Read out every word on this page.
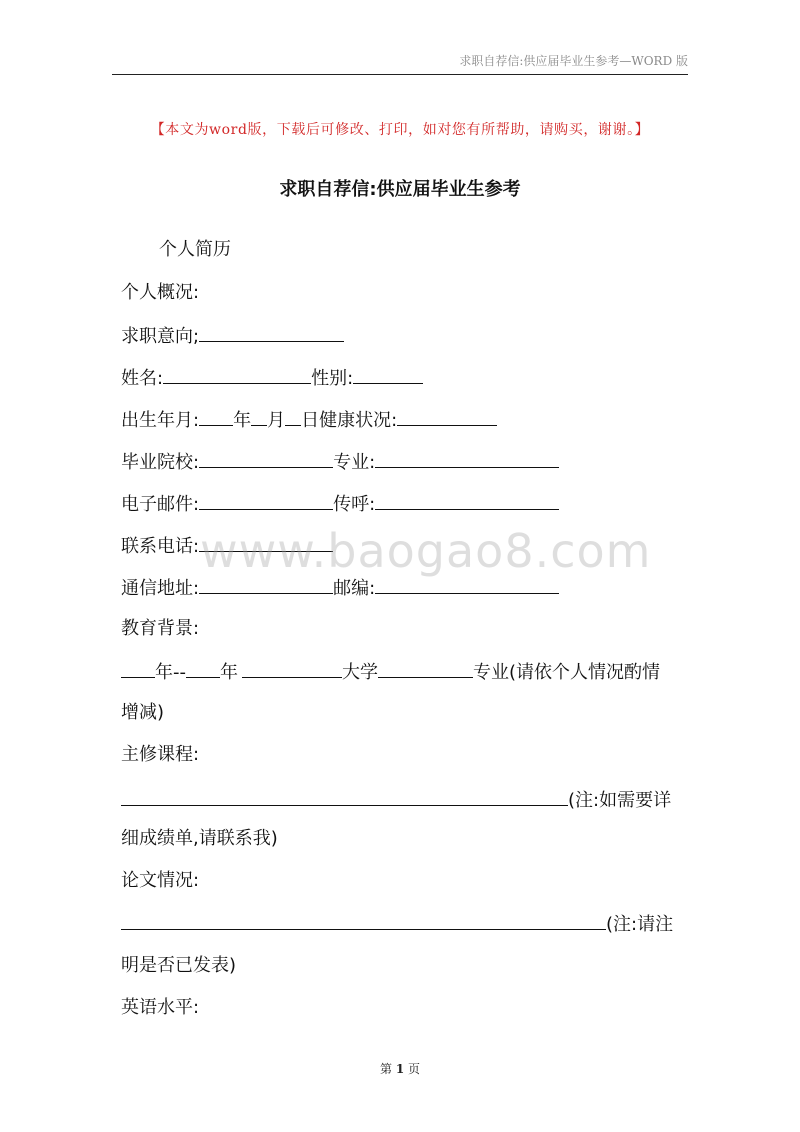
求职自荐信:供应届毕业生参考—WORD 版
【本文为word版，下载后可修改、打印，如对您有所帮助，请购买，谢谢。】
求职自荐信:供应届毕业生参考
个人简历
个人概况:
求职意向;
姓名:	性别:
出生年月: 年 月 日健康状况:
毕业院校:	专业:
电子邮件:	传呼:
联系电话:
通信地址:	邮编:
教育背景:
年-- 年	大学	专业(请依个人情况酌情
增减)
主修课程:
(注:如需要详
细成绩单,请联系我)
论文情况:
(注:请注
明是否已发表)
英语水平:
www.baogao8.com
第 1 页
